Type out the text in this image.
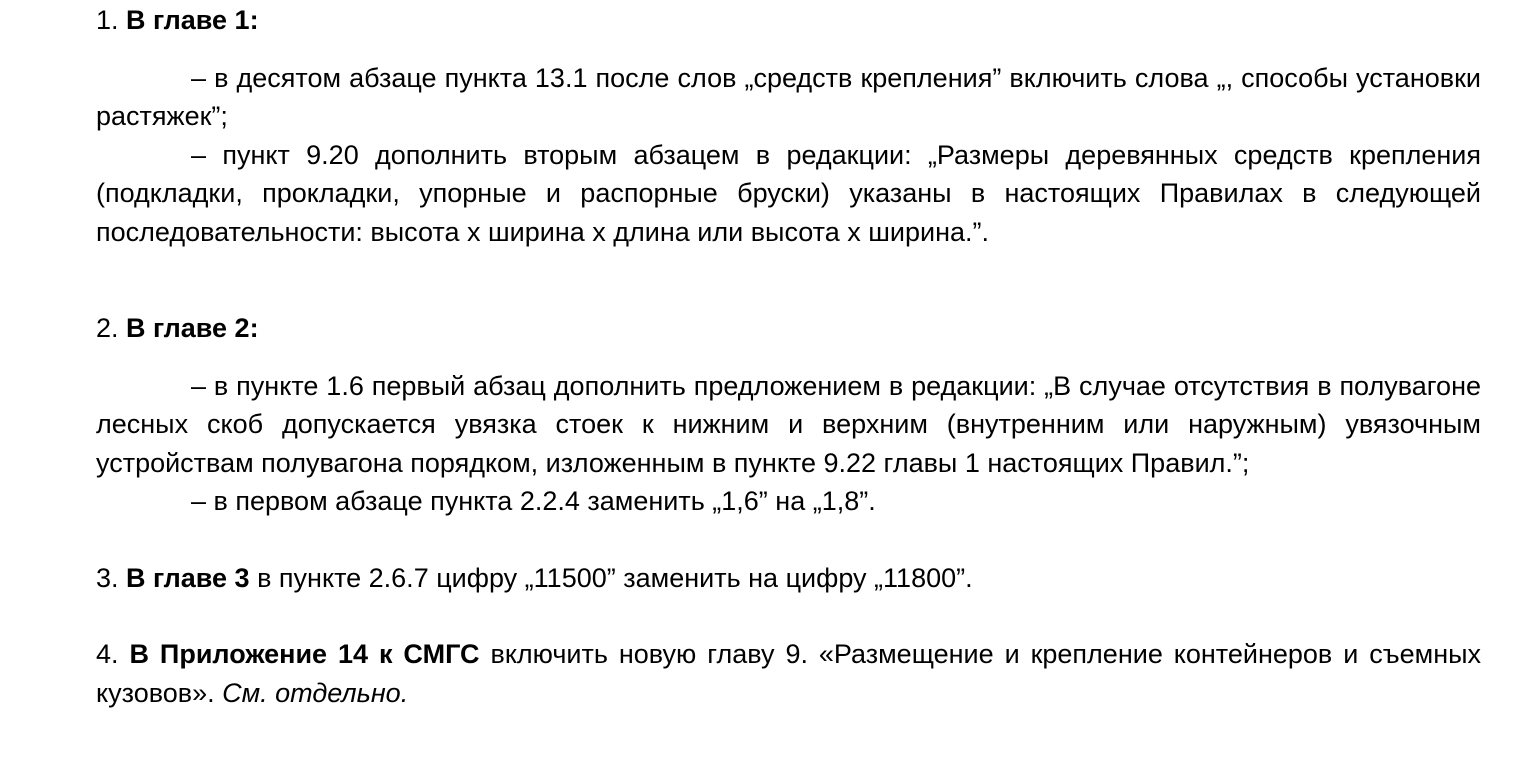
1. В главе 1:

– в десятом абзаце пункта 13.1 после слов „средств крепления” включить слова „, способы установки растяжек”;

– пункт 9.20 дополнить вторым абзацем в редакции: „Размеры деревянных средств крепления (подкладки, прокладки, упорные и распорные бруски) указаны в настоящих Правилах в следующей последовательности: высота х ширина х длина или высота х ширина.”.

2. В главе 2:

– в пункте 1.6 первый абзац дополнить предложением в редакции: „В случае отсутствия в полувагоне лесных скоб допускается увязка стоек к нижним и верхним (внутренним или наружным) увязочным устройствам полувагона порядком, изложенным в пункте 9.22 главы 1 настоящих Правил.”;

– в первом абзаце пункта 2.2.4 заменить „1,6” на „1,8”.

3. В главе 3 в пункте 2.6.7 цифру „11500” заменить на цифру „11800”.

4. В Приложение 14 к СМГС включить новую главу 9. «Размещение и крепление контейнеров и съемных кузовов». См. отдельно.
